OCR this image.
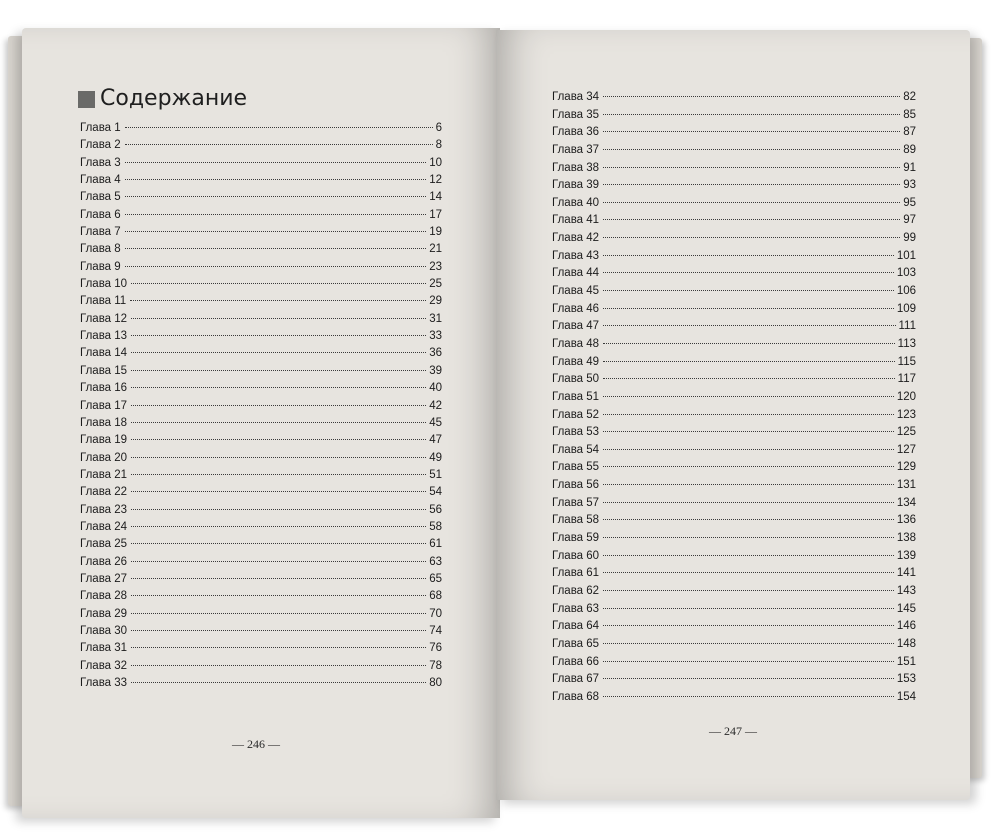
Содержание
Глава 1	6
Глава 2	8
Глава 3	10
Глава 4	12
Глава 5	14
Глава 6	17
Глава 7	19
Глава 8	21
Глава 9	23
Глава 10	25
Глава 11	29
Глава 12	31
Глава 13	33
Глава 14	36
Глава 15	39
Глава 16	40
Глава 17	42
Глава 18	45
Глава 19	47
Глава 20	49
Глава 21	51
Глава 22	54
Глава 23	56
Глава 24	58
Глава 25	61
Глава 26	63
Глава 27	65
Глава 28	68
Глава 29	70
Глава 30	74
Глава 31	76
Глава 32	78
Глава 33	80
Глава 34	82
Глава 35	85
Глава 36	87
Глава 37	89
Глава 38	91
Глава 39	93
Глава 40	95
Глава 41	97
Глава 42	99
Глава 43	101
Глава 44	103
Глава 45	106
Глава 46	109
Глава 47	111
Глава 48	113
Глава 49	115
Глава 50	117
Глава 51	120
Глава 52	123
Глава 53	125
Глава 54	127
Глава 55	129
Глава 56	131
Глава 57	134
Глава 58	136
Глава 59	138
Глава 60	139
Глава 61	141
Глава 62	143
Глава 63	145
Глава 64	146
Глава 65	148
Глава 66	151
Глава 67	153
Глава 68	154
— 246 —
— 247 —
